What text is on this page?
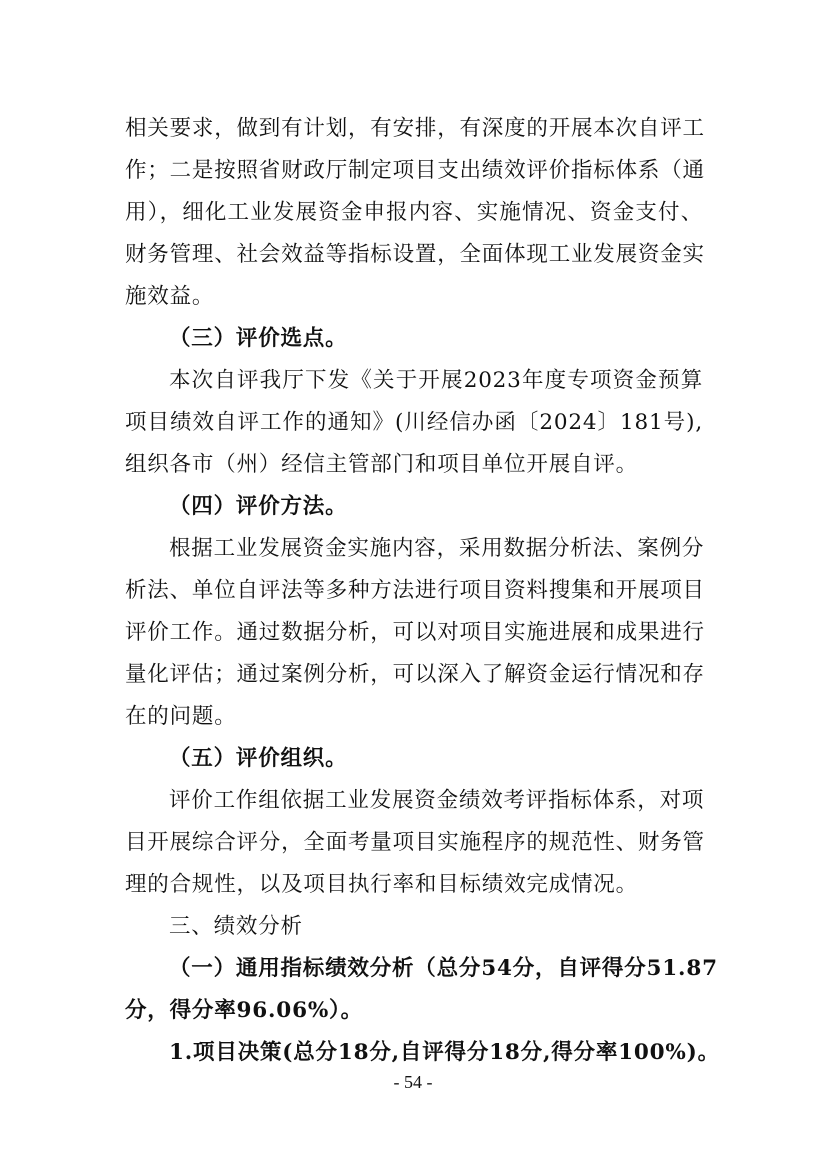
相关要求，做到有计划，有安排，有深度的开展本次自评工
作；二是按照省财政厅制定项目支出绩效评价指标体系（通
用），细化工业发展资金申报内容、实施情况、资金支付、
财务管理、社会效益等指标设置，全面体现工业发展资金实
施效益。
（三）评价选点。
本次自评我厅下发《关于开展2023年度专项资金预算
项目绩效自评工作的通知》(川经信办函〔2024〕181号),
组织各市（州）经信主管部门和项目单位开展自评。
（四）评价方法。
根据工业发展资金实施内容，采用数据分析法、案例分
析法、单位自评法等多种方法进行项目资料搜集和开展项目
评价工作。通过数据分析，可以对项目实施进展和成果进行
量化评估；通过案例分析，可以深入了解资金运行情况和存
在的问题。
（五）评价组织。
评价工作组依据工业发展资金绩效考评指标体系，对项
目开展综合评分，全面考量项目实施程序的规范性、财务管
理的合规性，以及项目执行率和目标绩效完成情况。
三、绩效分析
（一）通用指标绩效分析（总分54分，自评得分51.87
分，得分率96.06%）。
1.项目决策(总分18分,自评得分18分,得分率100%)。
- 54 -
